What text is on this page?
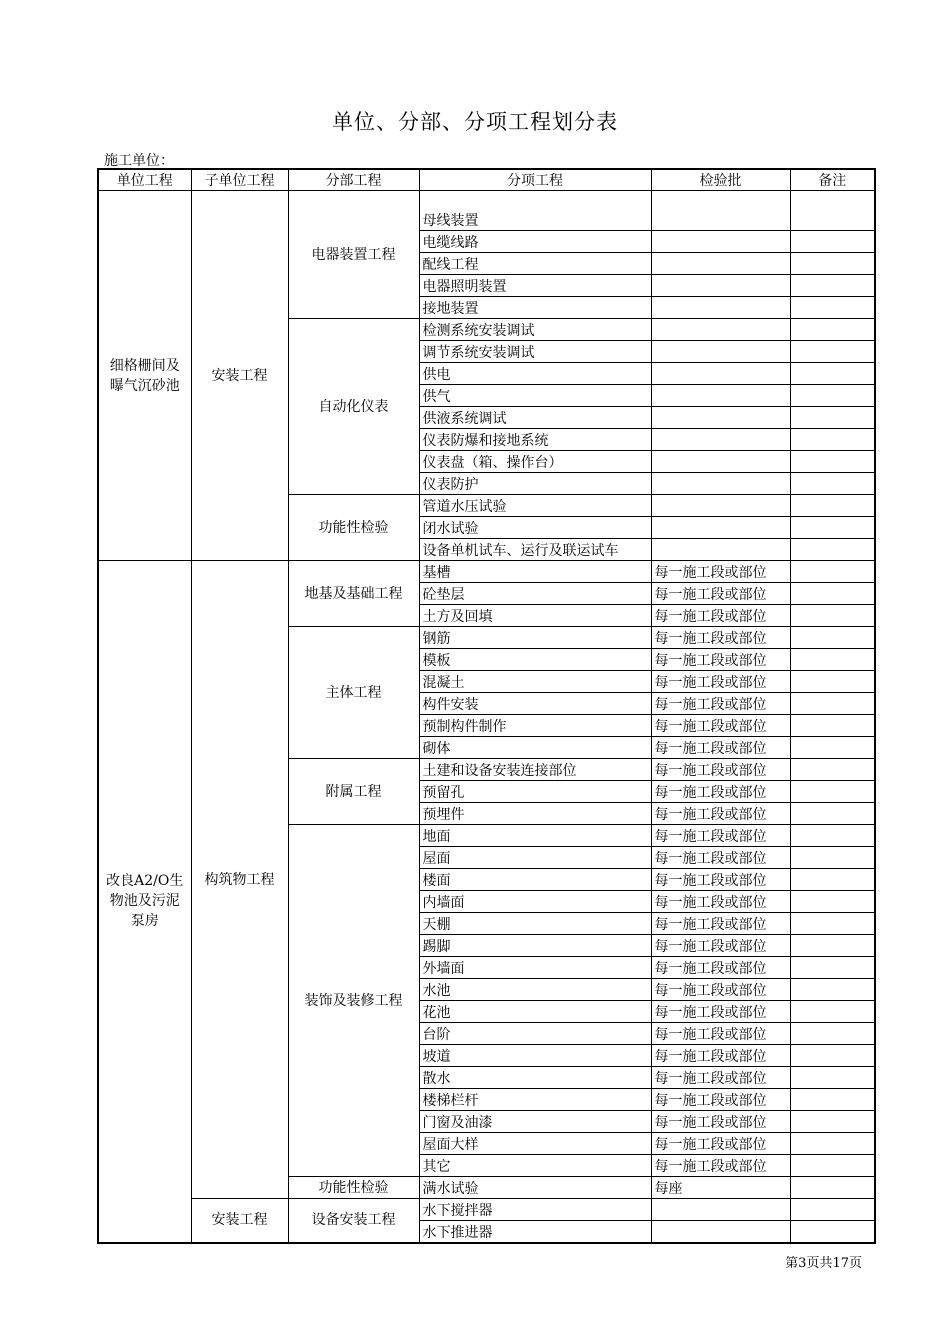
单位、分部、分项工程划分表
施工单位：
单位工程	子单位工程	分部工程	分项工程	检验批	备注
细格栅间及曝气沉砂池	安装工程	电器装置工程	母线装置		
			电缆线路		
			配线工程		
			电器照明装置		
			接地装置		
		自动化仪表	检测系统安装调试		
			调节系统安装调试		
			供电		
			供气		
			供液系统调试		
			仪表防爆和接地系统		
			仪表盘（箱、操作台）		
			仪表防护		
		功能性检验	管道水压试验		
			闭水试验		
			设备单机试车、运行及联运试车		
改良A2/O生物池及污泥泵房	构筑物工程	地基及基础工程	基槽	每一施工段或部位	
			砼垫层	每一施工段或部位	
			土方及回填	每一施工段或部位	
		主体工程	钢筋	每一施工段或部位	
			模板	每一施工段或部位	
			混凝土	每一施工段或部位	
			构件安装	每一施工段或部位	
			预制构件制作	每一施工段或部位	
			砌体	每一施工段或部位	
		附属工程	土建和设备安装连接部位	每一施工段或部位	
			预留孔	每一施工段或部位	
			预埋件	每一施工段或部位	
		装饰及装修工程	地面	每一施工段或部位	
			屋面	每一施工段或部位	
			楼面	每一施工段或部位	
			内墙面	每一施工段或部位	
			天棚	每一施工段或部位	
			踢脚	每一施工段或部位	
			外墙面	每一施工段或部位	
			水池	每一施工段或部位	
			花池	每一施工段或部位	
			台阶	每一施工段或部位	
			坡道	每一施工段或部位	
			散水	每一施工段或部位	
			楼梯栏杆	每一施工段或部位	
			门窗及油漆	每一施工段或部位	
			屋面大样	每一施工段或部位	
			其它	每一施工段或部位	
		功能性检验	满水试验	每座	
	安装工程	设备安装工程	水下搅拌器		
			水下推进器		
第3页共17页
